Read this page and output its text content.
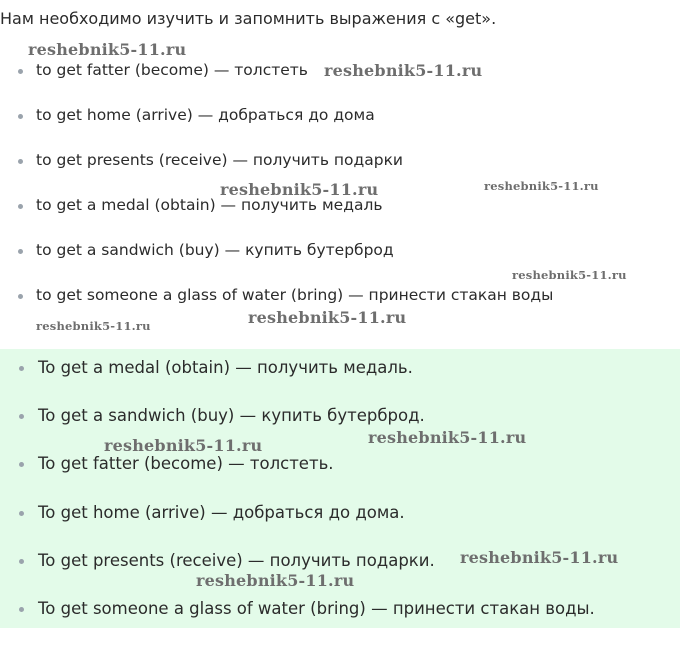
Нам необходимо изучить и запомнить выражения с «get».

to get fatter (become) — толстеть
to get home (arrive) — добраться до дома
to get presents (receive) — получить подарки
to get a medal (obtain) — получить медаль
to get a sandwich (buy) — купить бутерброд
to get someone a glass of water (bring) — принести стакан воды
To get a medal (obtain) — получить медаль.
To get a sandwich (buy) — купить бутерброд.
To get fatter (become) — толстеть.
To get home (arrive) — добраться до дома.
To get presents (receive) — получить подарки.
To get someone a glass of water (bring) — принести стакан воды.
reshebnik5-11.ru
reshebnik5-11.ru
reshebnik5-11.ru	reshebnik5-11.ru
reshebnik5-11.ru
reshebnik5-11.ru
reshebnik5-11.ru
reshebnik5-11.ru	reshebnik5-11.ru
reshebnik5-11.ru
reshebnik5-11.ru
